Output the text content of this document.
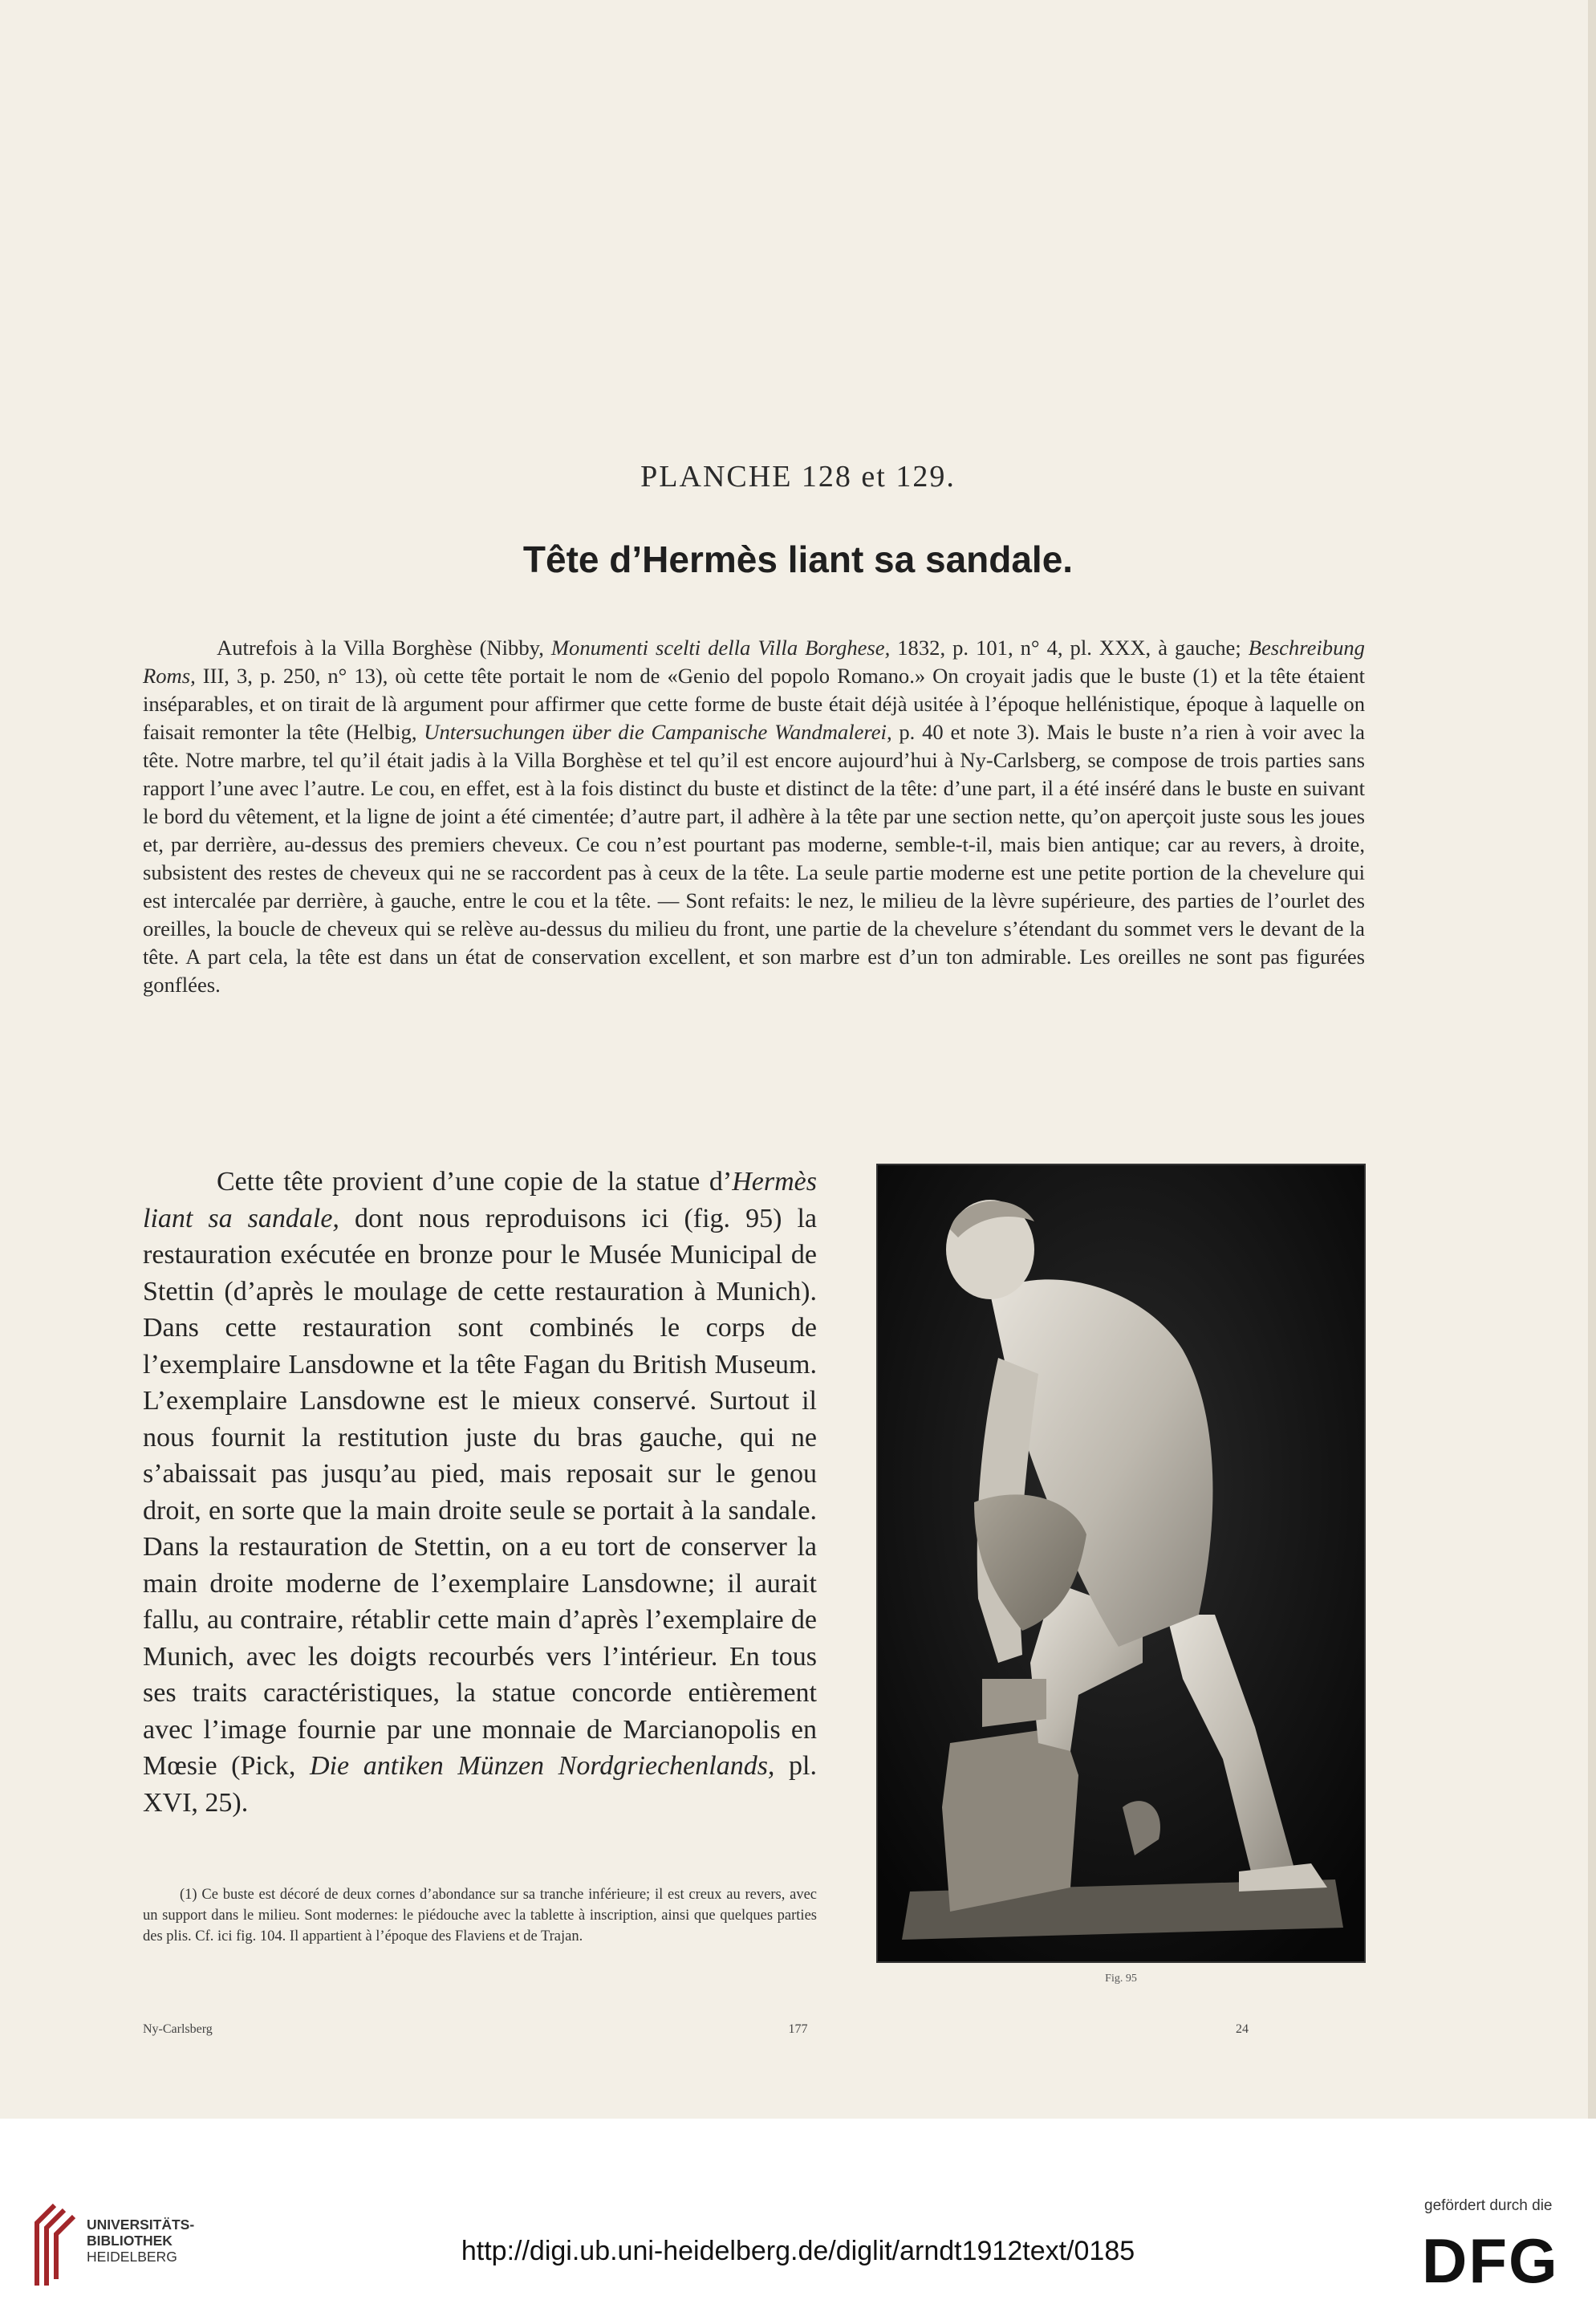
PLANCHE 128 et 129.
Tête d’Hermès liant sa sandale.
Autrefois à la Villa Borghèse (Nibby, Monumenti scelti della Villa Borghese, 1832, p. 101, n° 4, pl. XXX, à gauche; Beschreibung Roms, III, 3, p. 250, n° 13), où cette tête portait le nom de «Genio del popolo Romano.» On croyait jadis que le buste (1) et la tête étaient inséparables, et on tirait de là argument pour affirmer que cette forme de buste était déjà usitée à l’époque hellénistique, époque à laquelle on faisait remonter la tête (Helbig, Untersuchungen über die Campanische Wandmalerei, p. 40 et note 3). Mais le buste n’a rien à voir avec la tête. Notre marbre, tel qu’il était jadis à la Villa Borghèse et tel qu’il est encore aujourd’hui à Ny-Carlsberg, se compose de trois parties sans rapport l’une avec l’autre. Le cou, en effet, est à la fois distinct du buste et distinct de la tête: d’une part, il a été inséré dans le buste en suivant le bord du vêtement, et la ligne de joint a été cimentée; d’autre part, il adhère à la tête par une section nette, qu’on aperçoit juste sous les joues et, par derrière, au-dessus des premiers cheveux. Ce cou n’est pourtant pas moderne, semble-t-il, mais bien antique; car au revers, à droite, subsistent des restes de cheveux qui ne se raccordent pas à ceux de la tête. La seule partie moderne est une petite portion de la chevelure qui est intercalée par derrière, à gauche, entre le cou et la tête. — Sont refaits: le nez, le milieu de la lèvre supérieure, des parties de l’ourlet des oreilles, la boucle de cheveux qui se relève au-dessus du milieu du front, une partie de la chevelure s’étendant du sommet vers le devant de la tête. A part cela, la tête est dans un état de conservation excellent, et son marbre est d’un ton admirable. Les oreilles ne sont pas figurées gonflées.
Cette tête provient d’une copie de la statue d’Hermès liant sa sandale, dont nous reproduisons ici (fig. 95) la restauration exécutée en bronze pour le Musée Municipal de Stettin (d’après le moulage de cette restauration à Munich). Dans cette restauration sont combinés le corps de l’exemplaire Lansdowne et la tête Fagan du British Museum. L’exemplaire Lansdowne est le mieux conservé. Surtout il nous fournit la restitution juste du bras gauche, qui ne s’abaissait pas jusqu’au pied, mais reposait sur le genou droit, en sorte que la main droite seule se portait à la sandale. Dans la restauration de Stettin, on a eu tort de conserver la main droite moderne de l’exemplaire Lansdowne; il aurait fallu, au contraire, rétablir cette main d’après l’exemplaire de Munich, avec les doigts recourbés vers l’intérieur. En tous ses traits caractéristiques, la statue concorde entièrement avec l’image fournie par une monnaie de Marcianopolis en Mœsie (Pick, Die antiken Münzen Nordgriechenlands, pl. XVI, 25).
(1) Ce buste est décoré de deux cornes d’abondance sur sa tranche inférieure; il est creux au revers, avec un support dans le milieu. Sont modernes: le piédouche avec la tablette à inscription, ainsi que quelques parties des plis. Cf. ici fig. 104. Il appartient à l’époque des Flaviens et de Trajan.
Fig. 95
Ny-Carlsberg	177	24
UNIVERSITÄTS-
BIBLIOTHEK
HEIDELBERG	http://digi.ub.uni-heidelberg.de/diglit/arndt1912text/0185
gefördert durch die
DFG
